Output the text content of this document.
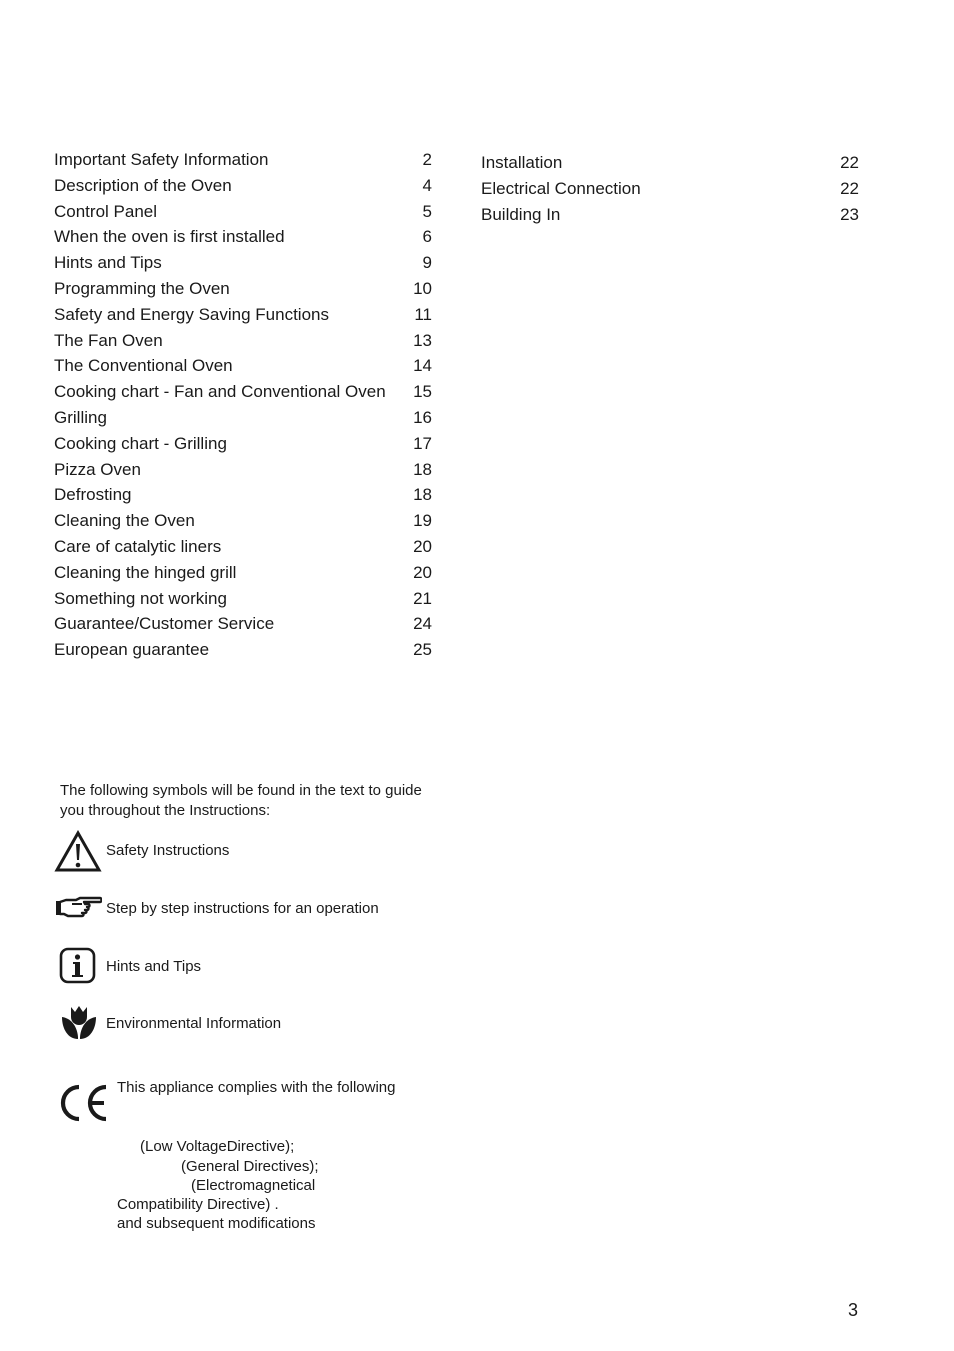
Important Safety Information	2
Description of the Oven	4
Control Panel	5
When the oven is first installed	6
Hints and Tips	9
Programming the Oven	10
Safety and Energy Saving Functions	11
The Fan Oven	13
The Conventional Oven	14
Cooking chart - Fan and Conventional Oven	15
Grilling	16
Cooking chart - Grilling	17
Pizza Oven	18
Defrosting	18
Cleaning the Oven	19
Care of catalytic liners	20
Cleaning the hinged grill	20
Something not working	21
Guarantee/Customer Service	24
European guarantee	25
Installation	22
Electrical Connection	22
Building In	23
The following symbols will be found in the text to guide
you throughout the Instructions:
Safety Instructions
Step by step instructions for an operation
Hints and Tips
Environmental Information
This appliance complies with the following
(Low VoltageDirective);
(General Directives);
(Electromagnetical
Compatibility Directive) .
and subsequent modifications
3
